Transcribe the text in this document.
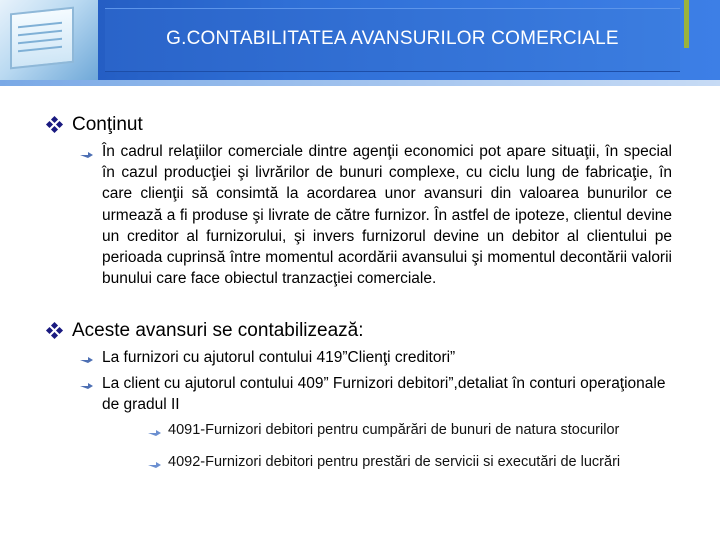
G.CONTABILITATEA AVANSURILOR COMERCIALE
Conţinut
În cadrul relaţiilor comerciale dintre agenţii economici pot apare situaţii, în special în cazul producţiei şi livrărilor de bunuri complexe, cu ciclu lung de fabricaţie, în care clienţii să consimtă la acordarea unor avansuri din valoarea bunurilor ce urmează a fi produse şi livrate de către furnizor. În astfel de ipoteze, clientul devine un creditor al furnizorului, şi invers furnizorul devine un debitor al clientului pe perioada cuprinsă între momentul acordării avansului şi momentul decontării valorii bunului care face obiectul tranzacţiei comerciale.
Aceste avansuri se contabilizează:
La furnizori cu ajutorul contului 419”Clienţi creditori”
La client cu ajutorul contului 409” Furnizori debitori”,detaliat în conturi operaţionale de gradul II
4091-Furnizori debitori pentru cumpărări de bunuri de natura stocurilor
4092-Furnizori debitori pentru prestări de servicii si executări de lucrări
